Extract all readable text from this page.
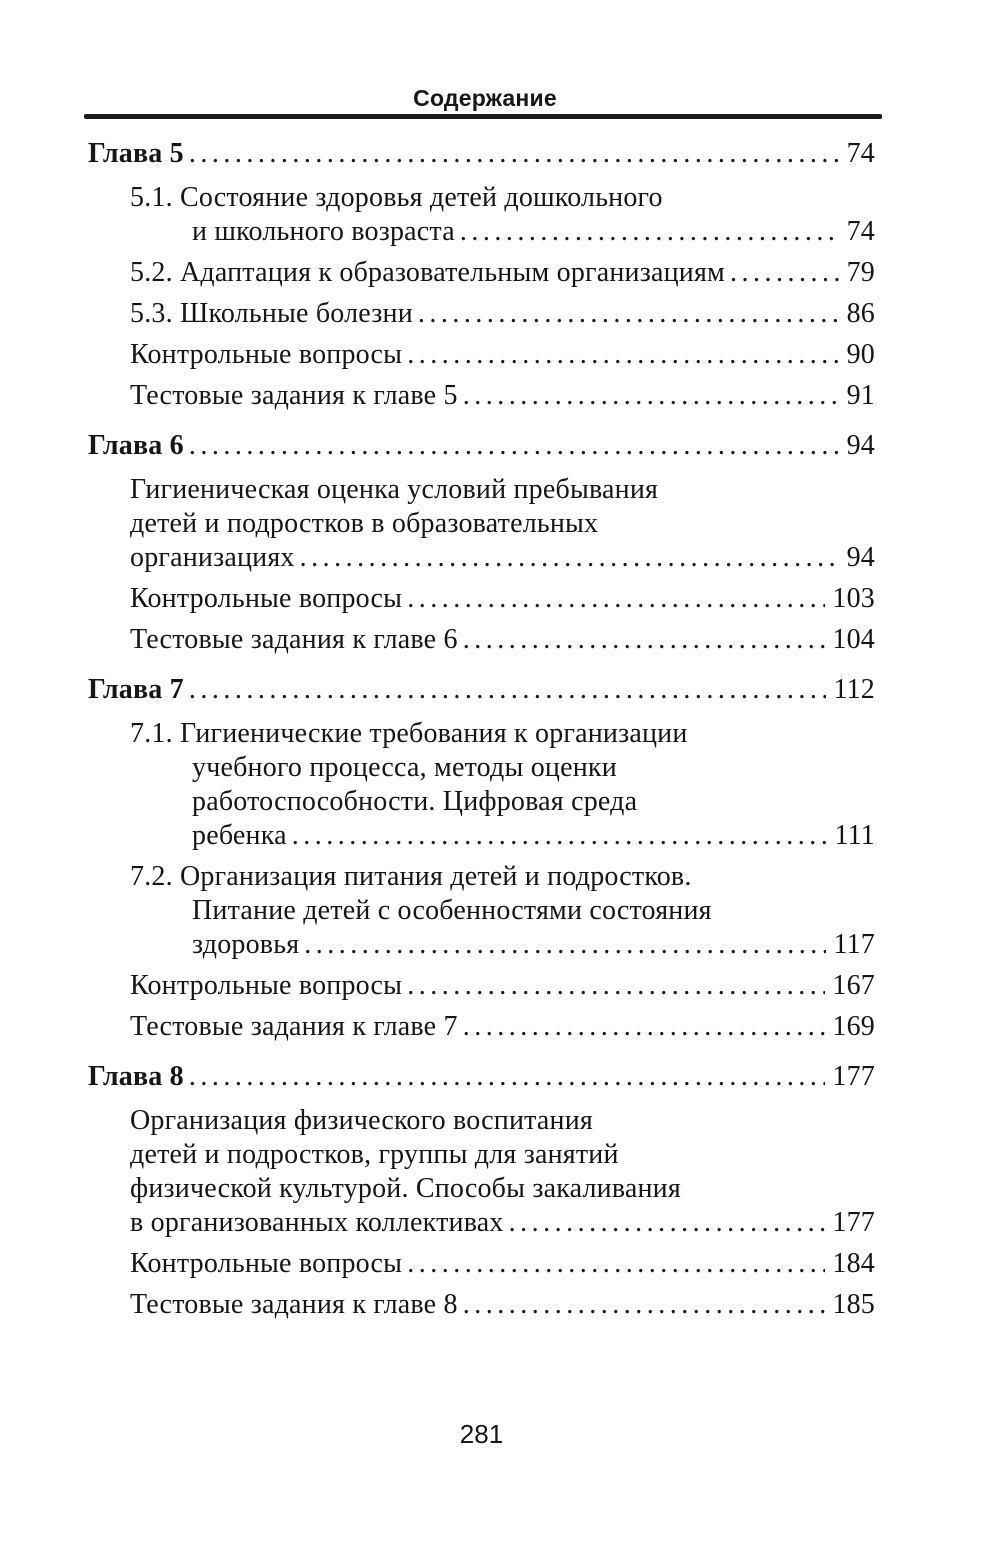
Содержание
Глава 5 .....	74
5.1. Состояние здоровья детей дошкольного
и школьного возраста .....	74
5.2. Адаптация к образовательным организациям .....	79
5.3. Школьные болезни .....	86
Контрольные вопросы .....	90
Тестовые задания к главе 5 .....	91
Глава 6 .....	94
Гигиеническая оценка условий пребывания
детей и подростков в образовательных
организациях .....	94
Контрольные вопросы .....	103
Тестовые задания к главе 6 .....	104
Глава 7 .....	112
7.1. Гигиенические требования к организации
учебного процесса, методы оценки
работоспособности. Цифровая среда
ребенка .....	111
7.2. Организация питания детей и подростков.
Питание детей с особенностями состояния
здоровья .....	117
Контрольные вопросы .....	167
Тестовые задания к главе 7 .....	169
Глава 8 .....	177
Организация физического воспитания
детей и подростков, группы для занятий
физической культурой. Способы закаливания
в организованных коллективах .....	177
Контрольные вопросы .....	184
Тестовые задания к главе 8 .....	185
281
